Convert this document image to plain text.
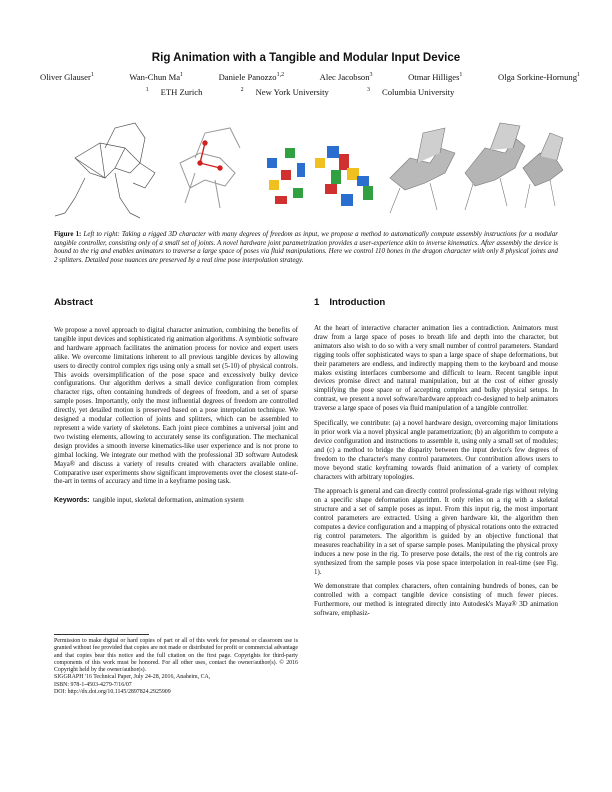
Rig Animation with a Tangible and Modular Input Device
Oliver Glauser$^1$	Wan-Chun Ma$^1$	Daniele Panozzo$^{1,2}$	Alec Jacobson$^3$	Otmar Hilliges$^1$	Olga Sorkine-Hornung$^1$
$^1$ ETH Zurich	$^2$ New York University	$^3$ Columbia University
Figure 1: Left to right: Taking a rigged 3D character with many degrees of freedom as input, we propose a method to automatically compute assembly instructions for a modular tangible controller, consisting only of a small set of joints. A novel hardware joint parametrization provides a user-experience akin to inverse kinematics. After assembly the device is bound to the rig and enables animators to traverse a large space of poses via fluid manipulations. Here we control 110 bones in the dragon character with only 8 physical joints and 2 splitters. Detailed pose nuances are preserved by a real time pose interpolation strategy.
Abstract

We propose a novel approach to digital character animation, combining the benefits of tangible input devices and sophisticated rig animation algorithms. A symbiotic software and hardware approach facilitates the animation process for novice and expert users alike. We overcome limitations inherent to all previous tangible devices by allowing users to directly control complex rigs using only a small set (5-10) of physical controls. This avoids oversimplification of the pose space and excessively bulky device configurations. Our algorithm derives a small device configuration from complex character rigs, often containing hundreds of degrees of freedom, and a set of sparse sample poses. Importantly, only the most influential degrees of freedom are controlled directly, yet detailed motion is preserved based on a pose interpolation technique. We designed a modular collection of joints and splitters, which can be assembled to represent a wide variety of skeletons. Each joint piece combines a universal joint and two twisting elements, allowing to accurately sense its configuration. The mechanical design provides a smooth inverse kinematics-like user experience and is not prone to gimbal locking. We integrate our method with the professional 3D software Autodesk Maya® and discuss a variety of results created with characters available online. Comparative user experiments show significant improvements over the closest state-of-the-art in terms of accuracy and time in a keyframe posing task.

Keywords: tangible input, skeletal deformation, animation system

Permission to make digital or hard copies of part or all of this work for personal or classroom use is granted without fee provided that copies are not made or distributed for profit or commercial advantage and that copies bear this notice and the full citation on the first page. Copyrights for third-party components of this work must be honored. For all other uses, contact the owner/author(s). © 2016 Copyright held by the owner/author(s).
SIGGRAPH '16 Technical Paper, July 24-28, 2016, Anaheim, CA,
ISBN: 978-1-4503-4279-7/16/07
DOI: http://dx.doi.org/10.1145/2897824.2925909
1 Introduction

At the heart of interactive character animation lies a contradiction. Animators must draw from a large space of poses to breath life and depth into the character, but animators also wish to do so with a very small number of control parameters. Standard rigging tools offer sophisticated ways to span a large space of shape deformations, but their parameters are endless, and indirectly mapping them to the keyboard and mouse makes existing interfaces cumbersome and difficult to learn. Recent tangible input devices promise direct and natural manipulation, but at the cost of either grossly simplifying the pose space or of accepting complex and bulky physical setups. In contrast, we present a novel software/hardware approach co-designed to help animators traverse a large space of poses via fluid manipulation of a tangible controller.

Specifically, we contribute: (a) a novel hardware design, overcoming major limitations in prior work via a novel physical angle parametrization; (b) an algorithm to compute a device configuration and instructions to assemble it, using only a small set of modules; and (c) a method to bridge the disparity between the input device's few degrees of freedom to the character's many control parameters. Our contribution allows users to move beyond static keyframing towards fluid animation of a variety of complex characters with arbitrary topologies.

The approach is general and can directly control professional-grade rigs without relying on a specific shape deformation algorithm. It only relies on a rig with a skeletal structure and a set of sample poses as input. From this input rig, the most important control parameters are extracted. Using a given hardware kit, the algorithm then computes a device configuration and a mapping of physical rotations onto the extracted rig control parameters. The algorithm is guided by an objective functional that measures reachability in a set of sparse sample poses. Manipulating the physical proxy induces a new pose in the rig. To preserve pose details, the rest of the rig controls are synthesized from the sample poses via pose space interpolation in real-time (see Fig. 1).

We demonstrate that complex characters, often containing hundreds of bones, can be controlled with a compact tangible device consisting of much fewer pieces. Furthermore, our method is integrated directly into Autodesk's Maya® 3D animation software, emphasiz-
